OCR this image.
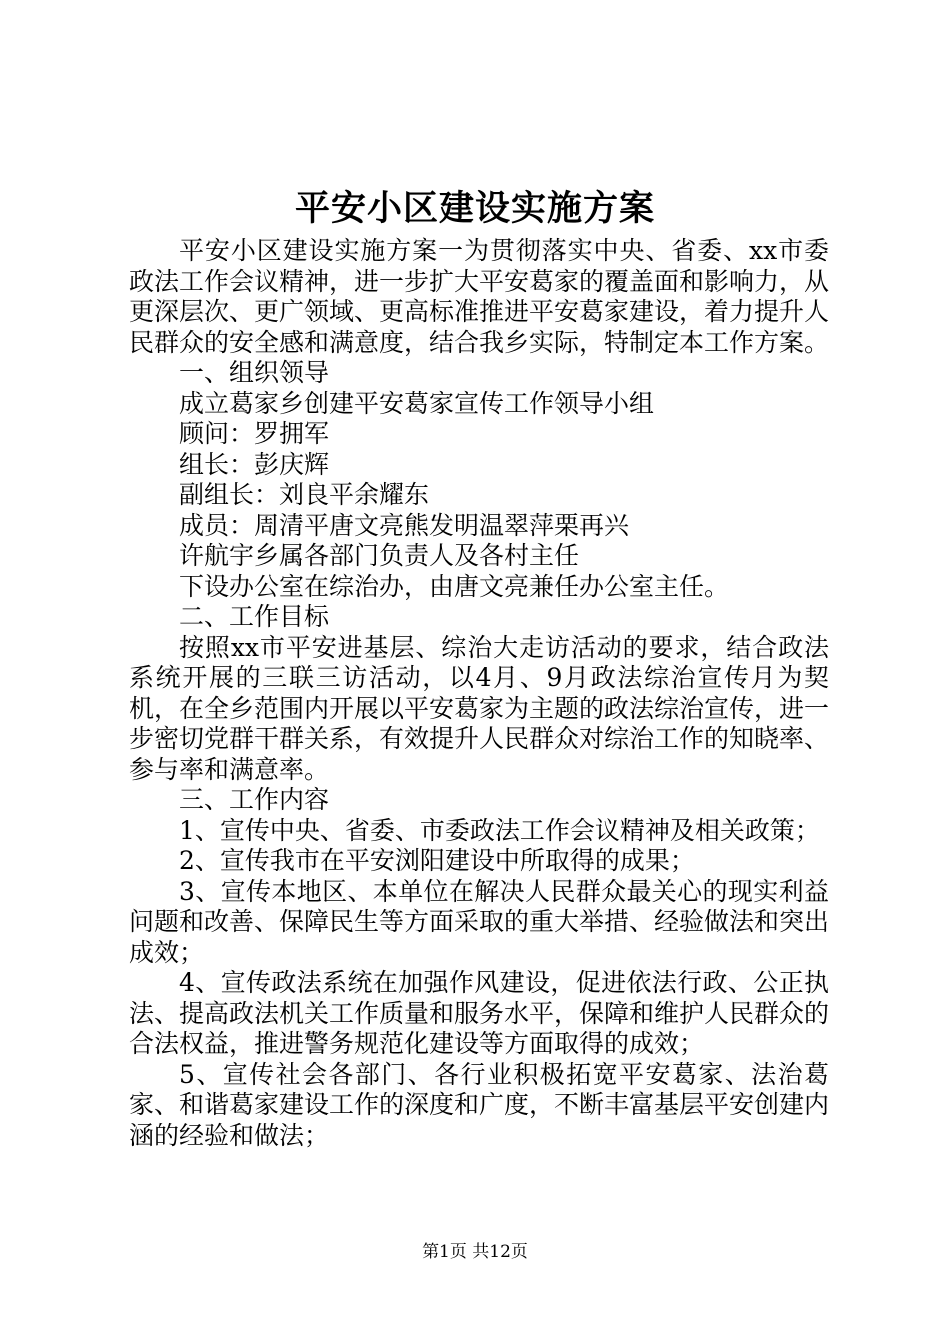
平安小区建设实施方案

平安小区建设实施方案一为贯彻落实中央、省委、xx市委政法工作会议精神，进一步扩大平安葛家的覆盖面和影响力，从更深层次、更广领域、更高标准推进平安葛家建设，着力提升人民群众的安全感和满意度，结合我乡实际，特制定本工作方案。

一、组织领导

成立葛家乡创建平安葛家宣传工作领导小组

顾问：罗拥军

组长：彭庆辉

副组长：刘良平余耀东

成员：周清平唐文亮熊发明温翠萍栗再兴

许航宇乡属各部门负责人及各村主任

下设办公室在综治办，由唐文亮兼任办公室主任。

二、工作目标

按照xx市平安进基层、综治大走访活动的要求，结合政法系统开展的三联三访活动，以4月、9月政法综治宣传月为契机，在全乡范围内开展以平安葛家为主题的政法综治宣传，进一步密切党群干群关系，有效提升人民群众对综治工作的知晓率、参与率和满意率。

三、工作内容

1、宣传中央、省委、市委政法工作会议精神及相关政策；

2、宣传我市在平安浏阳建设中所取得的成果；

3、宣传本地区、本单位在解决人民群众最关心的现实利益问题和改善、保障民生等方面采取的重大举措、经验做法和突出成效；

4、宣传政法系统在加强作风建设，促进依法行政、公正执法、提高政法机关工作质量和服务水平，保障和维护人民群众的合法权益，推进警务规范化建设等方面取得的成效；

5、宣传社会各部门、各行业积极拓宽平安葛家、法治葛家、和谐葛家建设工作的深度和广度，不断丰富基层平安创建内涵的经验和做法；

第1页 共12页
